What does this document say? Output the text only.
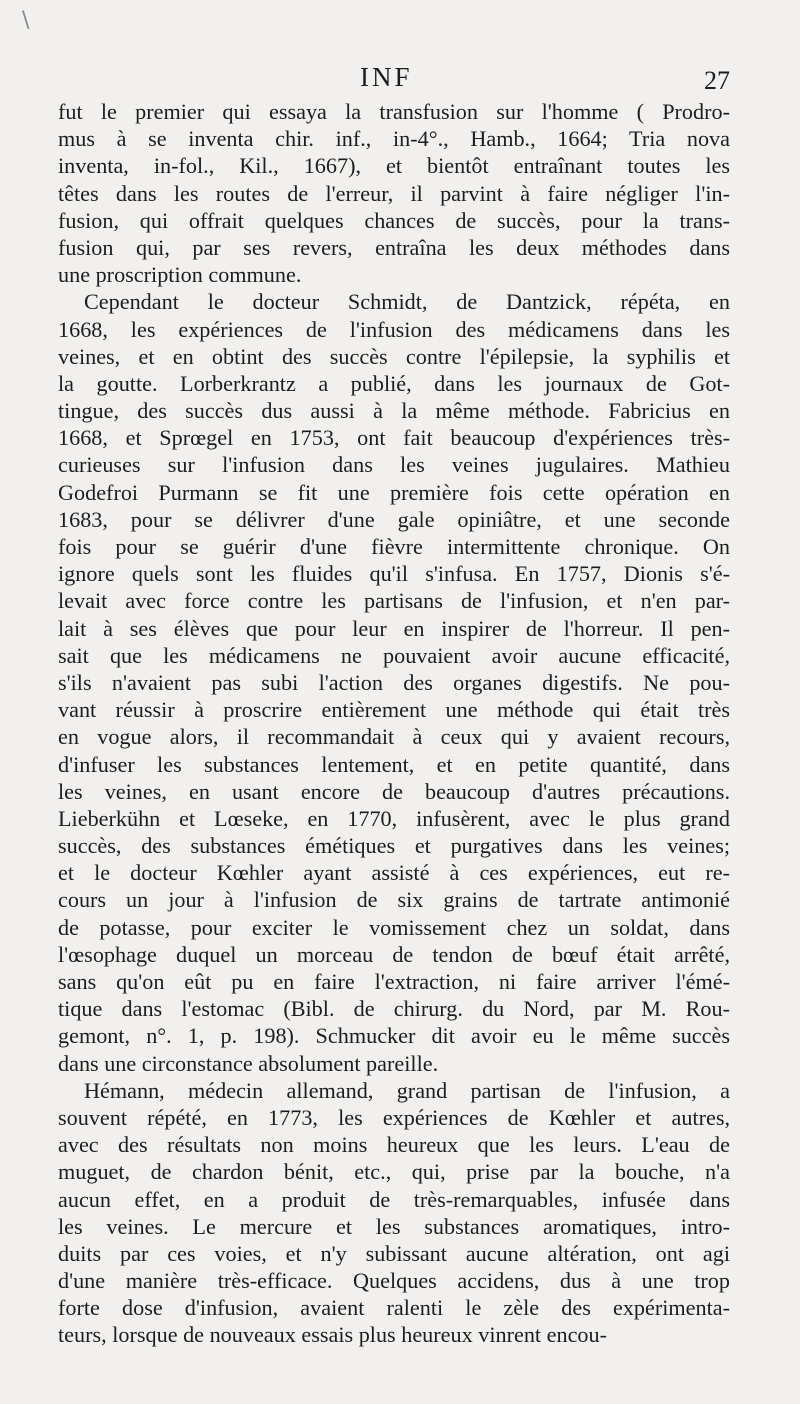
\
INF	27
fut le premier qui essaya la transfusion sur l'homme ( Prodro-
mus à se inventa chir. inf., in-4°., Hamb., 1664; Tria nova
inventa, in-fol., Kil., 1667), et bientôt entraînant toutes les
têtes dans les routes de l'erreur, il parvint à faire négliger l'in-
fusion, qui offrait quelques chances de succès, pour la trans-
fusion qui, par ses revers, entraîna les deux méthodes dans
une proscription commune.
Cependant le docteur Schmidt, de Dantzick, répéta, en
1668, les expériences de l'infusion des médicamens dans les
veines, et en obtint des succès contre l'épilepsie, la syphilis et
la goutte. Lorberkrantz a publié, dans les journaux de Got-
tingue, des succès dus aussi à la même méthode. Fabricius en
1668, et Sprœgel en 1753, ont fait beaucoup d'expériences très-
curieuses sur l'infusion dans les veines jugulaires. Mathieu
Godefroi Purmann se fit une première fois cette opération en
1683, pour se délivrer d'une gale opiniâtre, et une seconde
fois pour se guérir d'une fièvre intermittente chronique. On
ignore quels sont les fluides qu'il s'infusa. En 1757, Dionis s'é-
levait avec force contre les partisans de l'infusion, et n'en par-
lait à ses élèves que pour leur en inspirer de l'horreur. Il pen-
sait que les médicamens ne pouvaient avoir aucune efficacité,
s'ils n'avaient pas subi l'action des organes digestifs. Ne pou-
vant réussir à proscrire entièrement une méthode qui était très
en vogue alors, il recommandait à ceux qui y avaient recours,
d'infuser les substances lentement, et en petite quantité, dans
les veines, en usant encore de beaucoup d'autres précautions.
Lieberkühn et Lœseke, en 1770, infusèrent, avec le plus grand
succès, des substances émétiques et purgatives dans les veines;
et le docteur Kœhler ayant assisté à ces expériences, eut re-
cours un jour à l'infusion de six grains de tartrate antimonié
de potasse, pour exciter le vomissement chez un soldat, dans
l'œsophage duquel un morceau de tendon de bœuf était arrêté,
sans qu'on eût pu en faire l'extraction, ni faire arriver l'émé-
tique dans l'estomac (Bibl. de chirurg. du Nord, par M. Rou-
gemont, n°. 1, p. 198). Schmucker dit avoir eu le même succès
dans une circonstance absolument pareille.
Hémann, médecin allemand, grand partisan de l'infusion, a
souvent répété, en 1773, les expériences de Kœhler et autres,
avec des résultats non moins heureux que les leurs. L'eau de
muguet, de chardon bénit, etc., qui, prise par la bouche, n'a
aucun effet, en a produit de très-remarquables, infusée dans
les veines. Le mercure et les substances aromatiques, intro-
duits par ces voies, et n'y subissant aucune altération, ont agi
d'une manière très-efficace. Quelques accidens, dus à une trop
forte dose d'infusion, avaient ralenti le zèle des expérimenta-
teurs, lorsque de nouveaux essais plus heureux vinrent encou-
